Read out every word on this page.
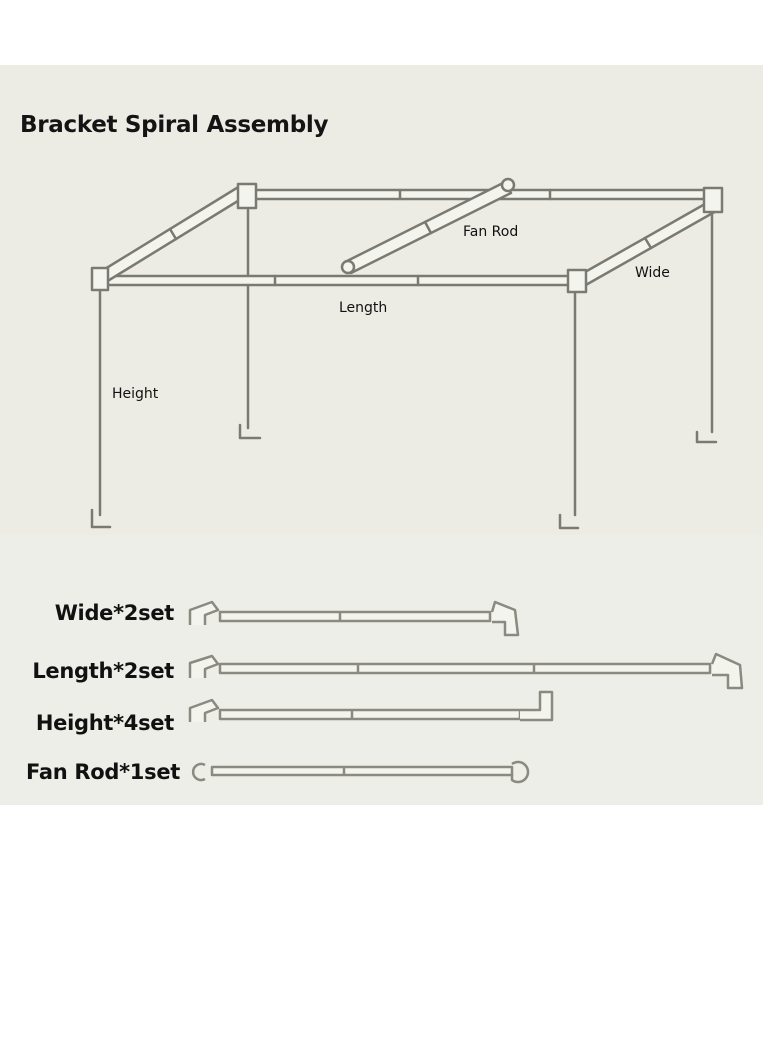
Bracket Spiral Assembly
Fan Rod
Wide
Length
Height
Wide*2set
Length*2set
Height*4set
Fan Rod*1set
